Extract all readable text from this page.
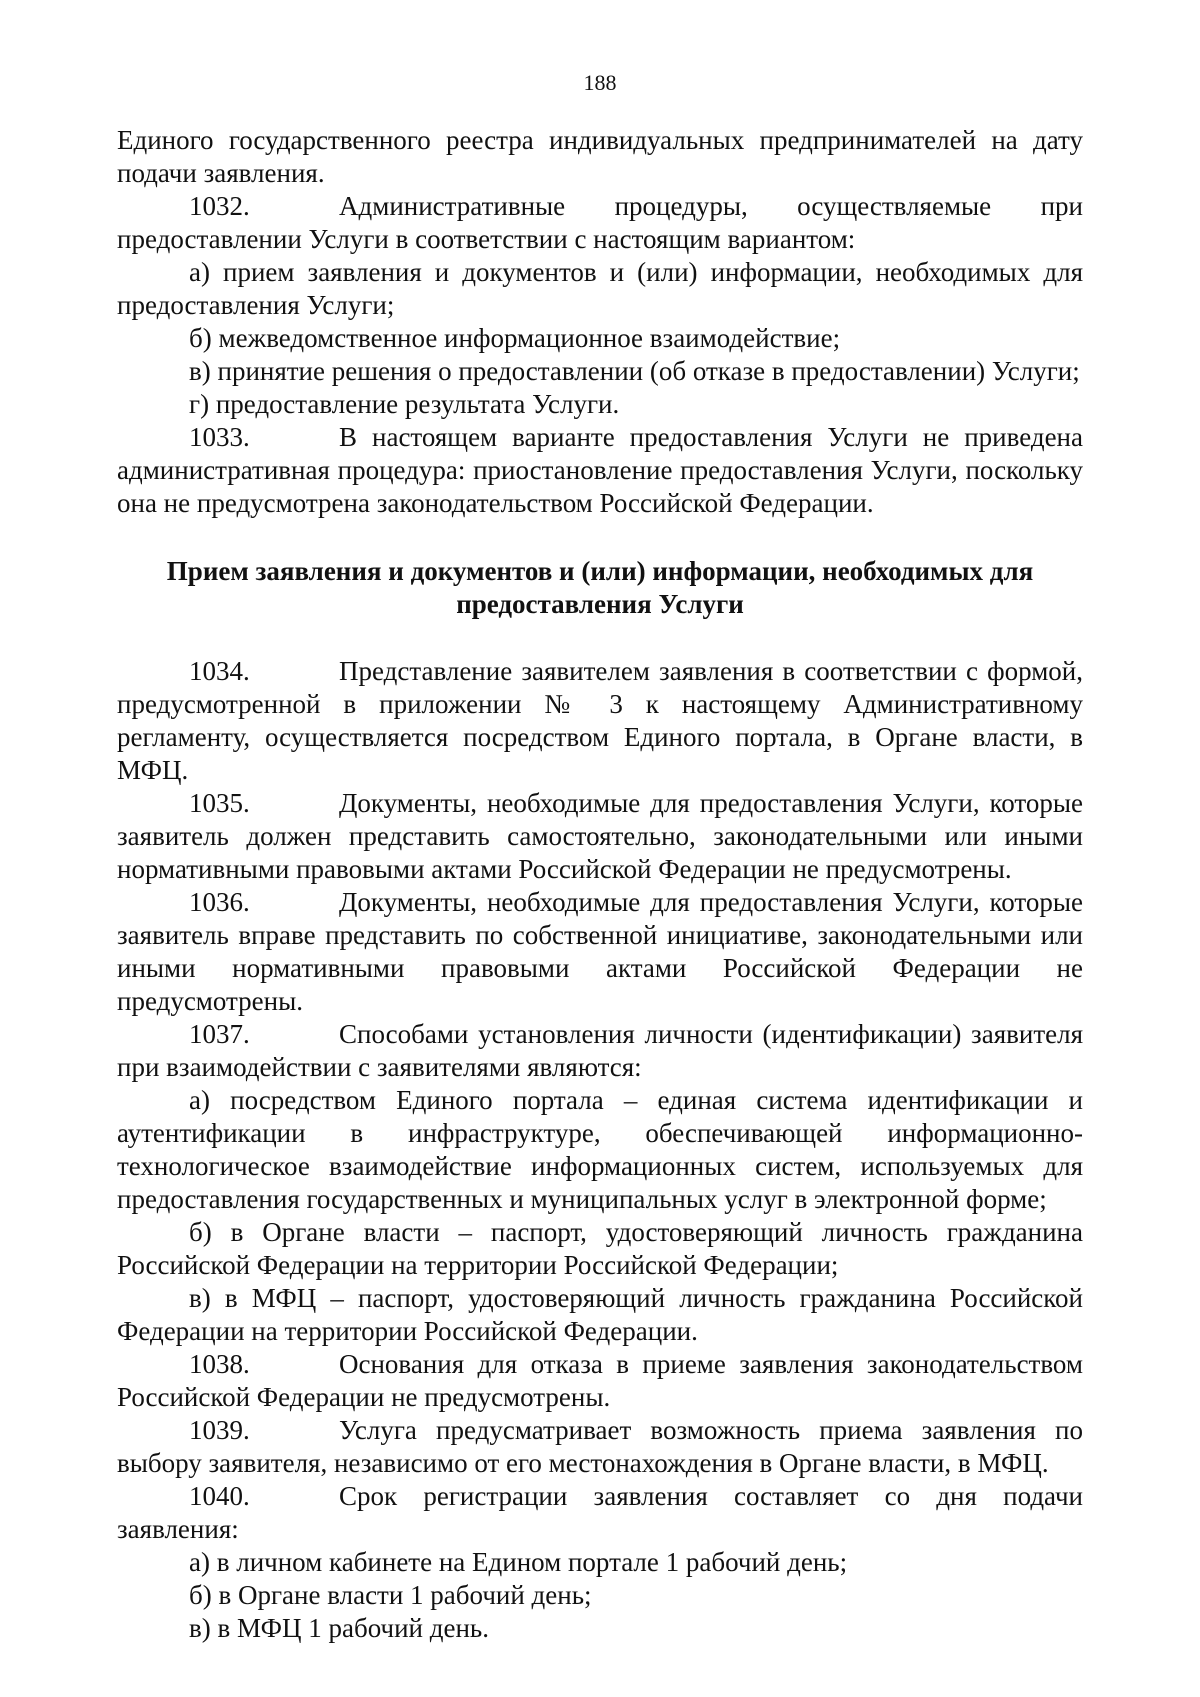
188

Единого государственного реестра индивидуальных предпринимателей на дату подачи заявления.

1032.	Административные процедуры, осуществляемые при предоставлении Услуги в соответствии с настоящим вариантом:

а) прием заявления и документов и (или) информации, необходимых для предоставления Услуги;

б) межведомственное информационное взаимодействие;

в) принятие решения о предоставлении (об отказе в предоставлении) Услуги;

г) предоставление результата Услуги.

1033.	В настоящем варианте предоставления Услуги не приведена административная процедура: приостановление предоставления Услуги, поскольку она не предусмотрена законодательством Российской Федерации.

Прием заявления и документов и (или) информации, необходимых для предоставления Услуги

1034.	Представление заявителем заявления в соответствии с формой, предусмотренной в приложении № 3 к настоящему Административному регламенту, осуществляется посредством Единого портала, в Органе власти, в МФЦ.

1035.	Документы, необходимые для предоставления Услуги, которые заявитель должен представить самостоятельно, законодательными или иными нормативными правовыми актами Российской Федерации не предусмотрены.

1036.	Документы, необходимые для предоставления Услуги, которые заявитель вправе представить по собственной инициативе, законодательными или иными нормативными правовыми актами Российской Федерации не предусмотрены.

1037.	Способами установления личности (идентификации) заявителя при взаимодействии с заявителями являются:

а) посредством Единого портала – единая система идентификации и аутентификации в инфраструктуре, обеспечивающей информационно-технологическое взаимодействие информационных систем, используемых для предоставления государственных и муниципальных услуг в электронной форме;

б) в Органе власти – паспорт, удостоверяющий личность гражданина Российской Федерации на территории Российской Федерации;

в) в МФЦ – паспорт, удостоверяющий личность гражданина Российской Федерации на территории Российской Федерации.

1038.	Основания для отказа в приеме заявления законодательством Российской Федерации не предусмотрены.

1039.	Услуга предусматривает возможность приема заявления по выбору заявителя, независимо от его местонахождения в Органе власти, в МФЦ.

1040.	Срок регистрации заявления составляет со дня подачи заявления:

а) в личном кабинете на Едином портале 1 рабочий день;

б) в Органе власти 1 рабочий день;

в) в МФЦ 1 рабочий день.
